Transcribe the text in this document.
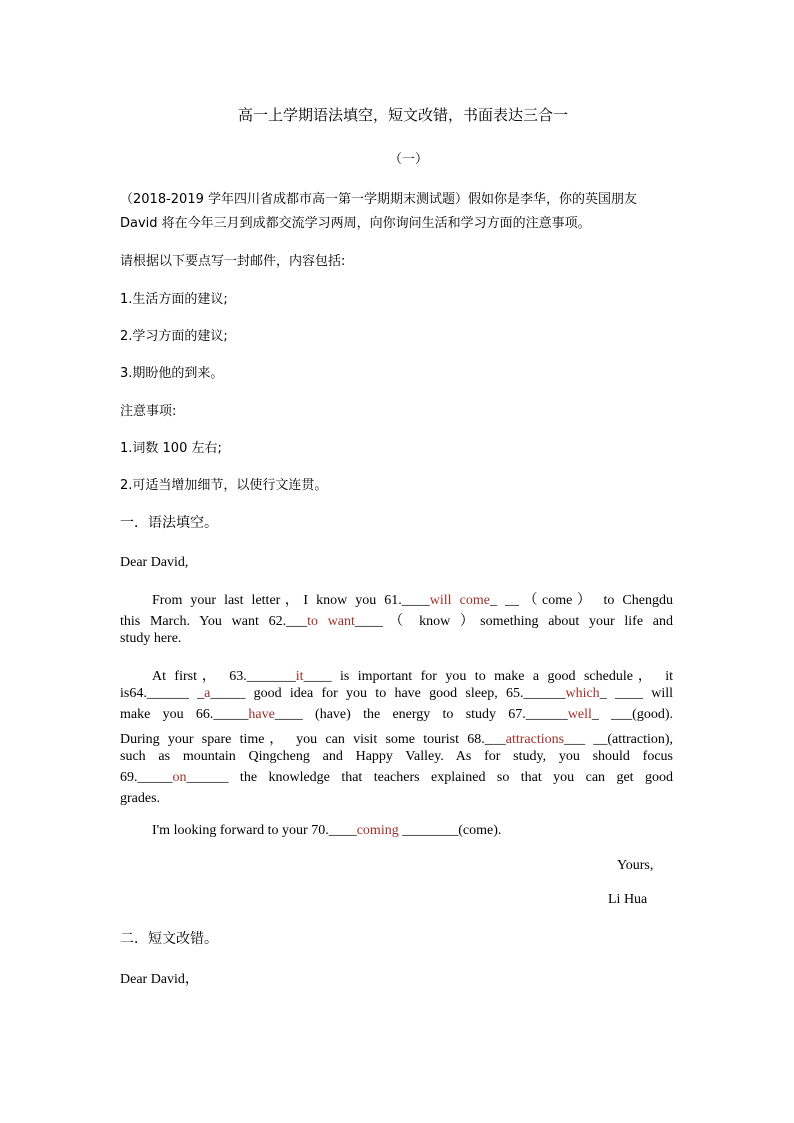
高一上学期语法填空，短文改错，书面表达三合一
（一）
（2018-2019 学年四川省成都市高一第一学期期末测试题）假如你是李华，你的英国朋友
David 将在今年三月到成都交流学习两周，向你询问生活和学习方面的注意事项。
请根据以下要点写一封邮件，内容包括:
1.生活方面的建议;
2.学习方面的建议;
3.期盼他的到来。
注意事项:
1.词数 100 左右;
2.可适当增加细节，以使行文连贯。
一．语法填空。
Dear David,
From your last letter，I know you 61.____will come_ __（come） to Chengdu
this March. You want 62.___to want____（ know ）something about your life and
study here.
At first， 63._______it____ is important for you to make a good schedule， it
is64.______ _a_____ good idea for you to have good sleep, 65.______which_ ____ will
make you 66._____have____ (have) the energy to study 67.______well_ ___(good).
During your spare time， you can visit some tourist 68.___attractions___ __(attraction),
such as mountain Qingcheng and Happy Valley. As for study, you should focus
69._____on______ the knowledge that teachers explained so that you can get good
grades.
I'm looking forward to your 70.____coming ________(come).
Yours,
Li Hua
二．短文改错。
Dear David，
